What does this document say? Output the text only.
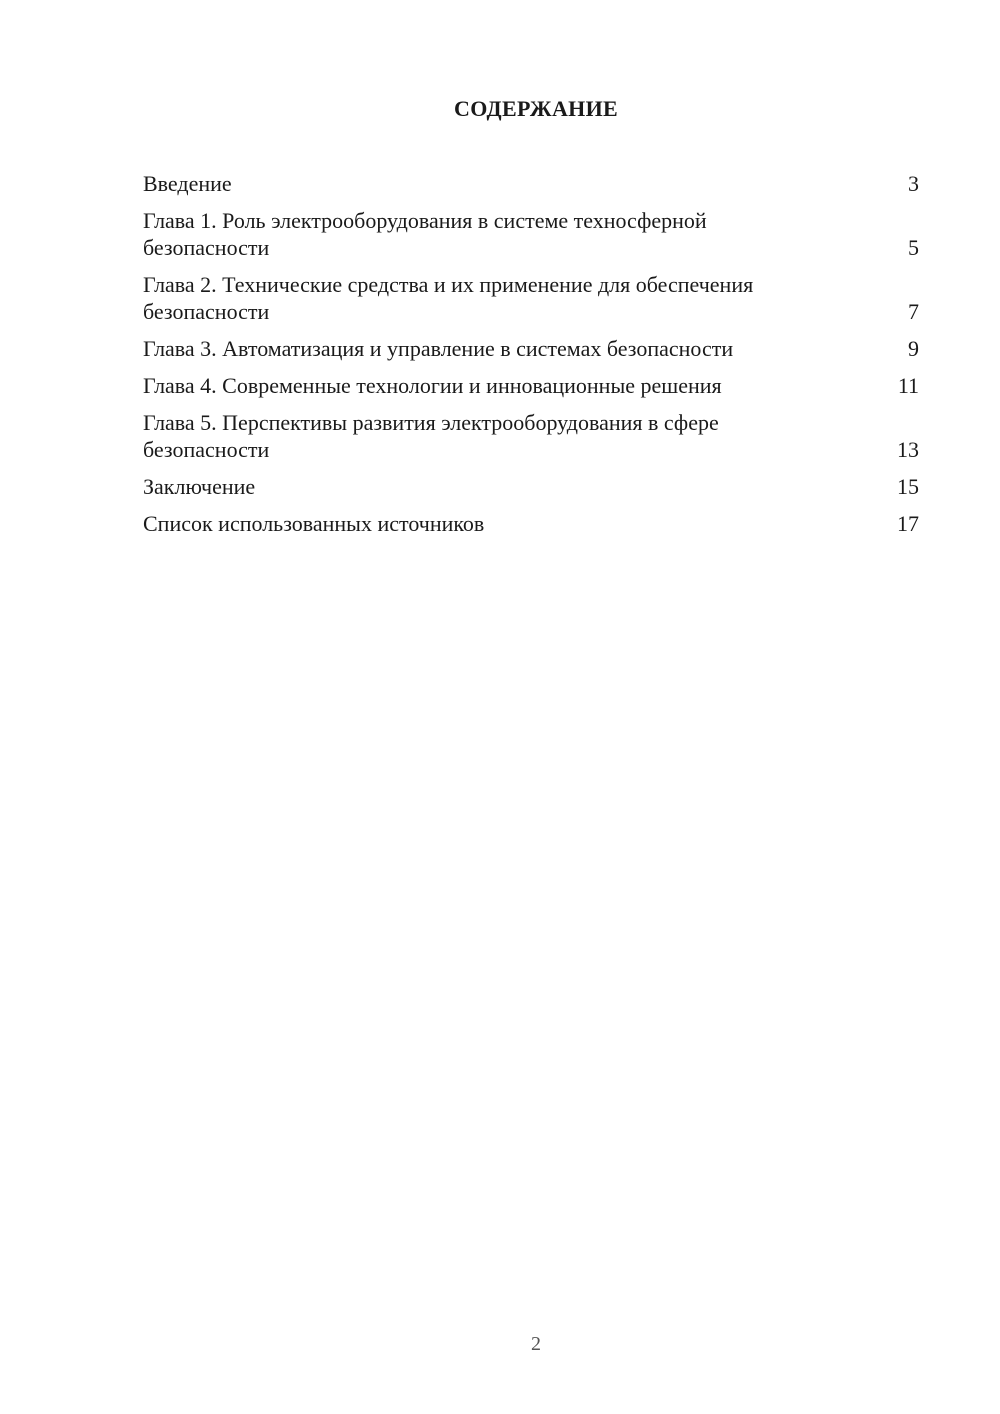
СОДЕРЖАНИЕ
Введение	3
Глава 1. Роль электрооборудования в системе техносферной безопасности	5
Глава 2. Технические средства и их применение для обеспечения безопасности	7
Глава 3. Автоматизация и управление в системах безопасности	9
Глава 4. Современные технологии и инновационные решения	11
Глава 5. Перспективы развития электрооборудования в сфере безопасности	13
Заключение	15
Список использованных источников	17
2
